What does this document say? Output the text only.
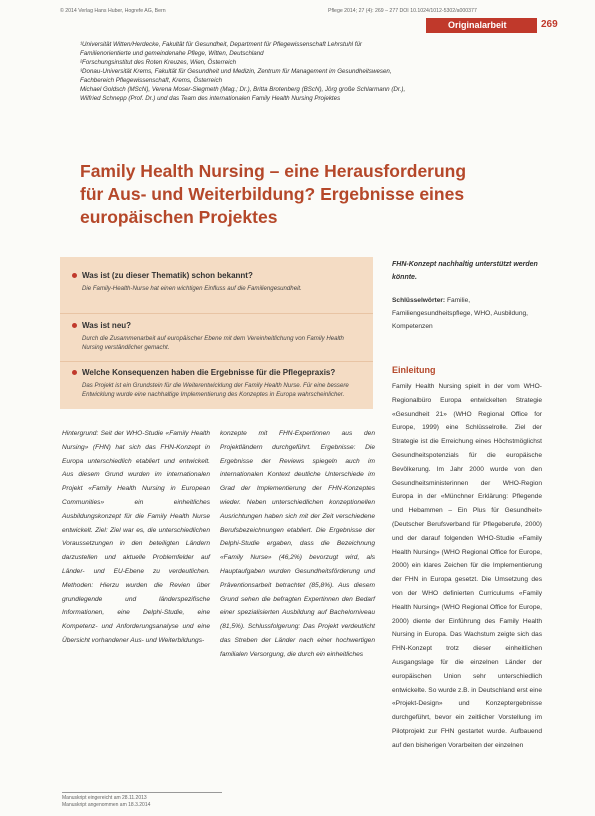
© 2014 Verlag Hans Huber, Hogrefe AG, Bern	Pflege 2014; 27 (4): 269 – 277 DOI 10.1024/1012-5302/a000377
Originalarbeit	269
¹Universität Witten/Herdecke, Fakultät für Gesundheit, Department für Pflegewissenschaft Lehrstuhl für
Familienorientierte und gemeindenahe Pflege, Witten, Deutschland
²Forschungsinstitut des Roten Kreuzes, Wien, Österreich
³Donau-Universität Krems, Fakultät für Gesundheit und Medizin, Zentrum für Management im Gesundheitswesen,
Fachbereich Pflegewissenschaft, Krems, Österreich
Michael Goldsch (MScN), Verena Moser-Siegmeth (Mag.; Dr.), Britta Brotenberg (BScN), Jörg große Schlarmann (Dr.),
Wilfried Schnepp (Prof. Dr.) und das Team des internationalen Family Health Nursing Projektes
Family Health Nursing – eine Herausforderung
für Aus- und Weiterbildung? Ergebnisse eines
europäischen Projektes
Was ist (zu dieser Thematik) schon bekannt?
Die Family-Health-Nurse hat einen wichtigen Einfluss auf die Familiengesundheit.
Was ist neu?
Durch die Zusammenarbeit auf europäischer Ebene mit dem Vereinheitlichung von Family Health Nursing verständlicher gemacht.
Welche Konsequenzen haben die Ergebnisse für die Pflegepraxis?
Das Projekt ist ein Grundstein für die Weiterentwicklung der Family Health Nurse. Für eine bessere Entwicklung wurde eine nachhaltige Implementierung des Konzeptes in Europa wahrscheinlicher.
FHN-Konzept nachhaltig unterstützt werden könnte.
Schlüsselwörter: Familie, Familiengesundheitspflege, WHO, Ausbildung, Kompetenzen
Einleitung
Hintergrund: Seit der WHO-Studie «Family Health Nursing» (FHN) hat sich das FHN-Konzept in Europa unterschiedlich etabliert und entwickelt. Aus diesem Grund wurden im internationalen Projekt «Family Health Nursing in European Communities» ein einheitliches Ausbildungskonzept für die Family Health Nurse entwickelt. Ziel: Ziel war es, die unterschiedlichen Voraussetzungen in den beteiligten Ländern darzustellen und aktuelle Problemfelder auf Länder- und EU-Ebene zu verdeutlichen. Methoden: Hierzu wurden die Revien über grundlegende und länderspezifische Informationen, eine Delphi-Studie, eine Kompetenz- und Anforderungsanalyse und eine Übersicht vorhandener Aus- und Weiterbildungs-
konzepte mit FHN-Expertinnen aus den Projektländern durchgeführt. Ergebnisse: Die Ergebnisse der Reviews spiegeln auch im internationalen Kontext deutliche Unterschiede im Grad der Implementierung der FHN-Konzeptes wieder. Neben unterschiedlichen konzeptionellen Ausrichtungen haben sich mit der Zeit verschiedene Berufsbezeichnungen etabliert. Die Ergebnisse der Delphi-Studie ergaben, dass die Bezeichnung «Family Nurse» (46,2%) bevorzugt wird, als Hauptaufgaben wurden Gesundheitsförderung und Präventionsarbeit betrachtet (85,8%). Aus diesem Grund sehen die befragten Expertinnen den Bedarf einer spezialisierten Ausbildung auf Bachelorniveau (81,5%). Schlussfolgerung: Das Projekt verdeutlicht das Streben der Länder nach einer hochwertigen familialen Versorgung, die durch ein einheitliches
Family Health Nursing spielt in der vom WHO-Regionalbüro Europa entwickelten Strategie «Gesundheit 21» (WHO Regional Office for Europe, 1999) eine Schlüsselrolle. Ziel der Strategie ist die Erreichung eines Höchstmöglichst Gesundheitspotenzials für die europäische Bevölkerung. Im Jahr 2000 wurde von den Gesundheitsministerinnen der WHO-Region Europa in der «Münchner Erklärung: Pflegende und Hebammen – Ein Plus für Gesundheit» (Deutscher Berufsverband für Pflegeberufe, 2000) und der darauf folgenden WHO-Studie «Family Health Nursing» (WHO Regional Office for Europe, 2000) ein klares Zeichen für die Implementierung der FHN in Europa gesetzt. Die Umsetzung des von der WHO definierten Curriculums «Family Health Nursing» (WHO Regional Office for Europe, 2000) diente der Einführung des Family Health Nursing in Europa. Das Wachstum zeigte sich das FHN-Konzept trotz dieser einheitlichen Ausgangslage für die einzelnen Länder der europäischen Union sehr unterschiedlich entwickelte. So wurde z.B. in Deutschland erst eine «Projekt-Design» und Konzeptergebnisse durchgeführt, bevor ein zeitlicher Vorstellung im Pilotprojekt zur FHN gestartet wurde. Aufbauend auf den bisherigen Vorarbeiten der einzelnen
Manuskript eingereicht am 28.11.2013
Manuskript angenommen am 18.3.2014
